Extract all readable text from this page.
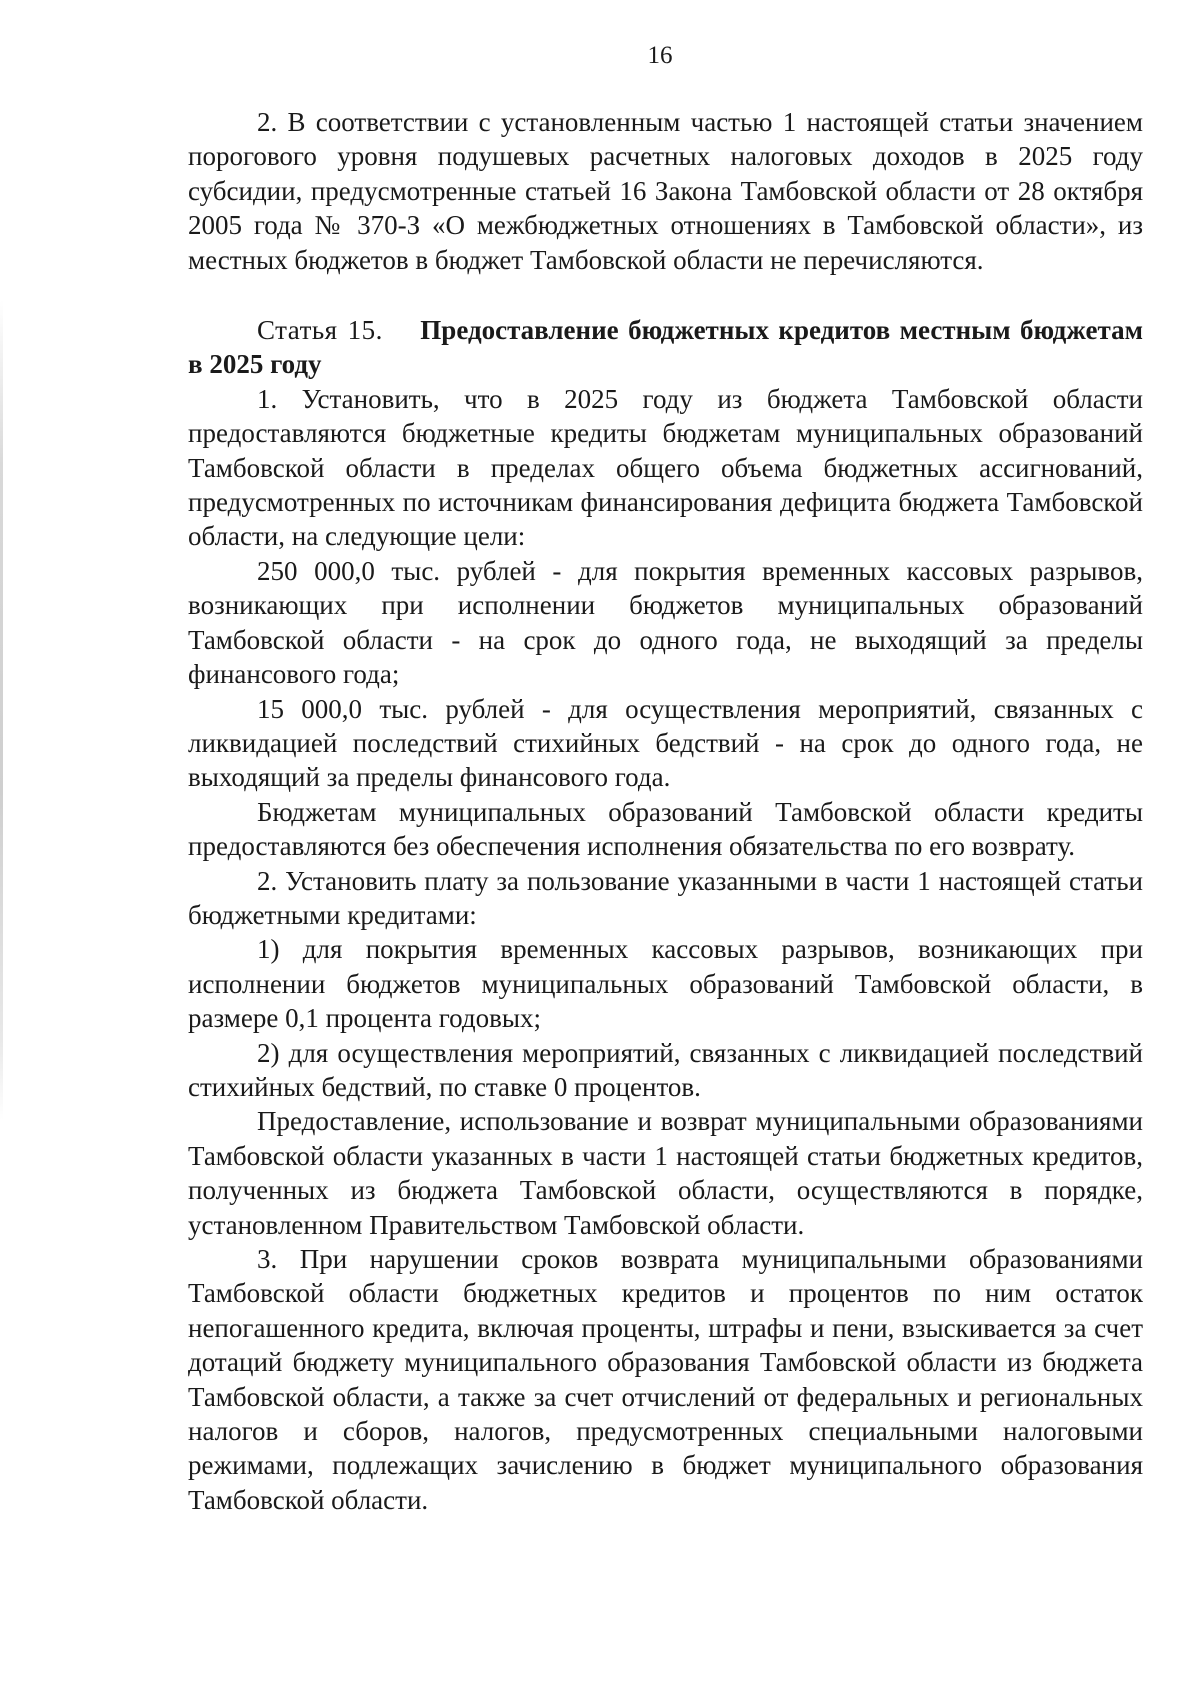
16

2. В соответствии с установленным частью 1 настоящей статьи значением порогового уровня подушевых расчетных налоговых доходов в 2025 году субсидии, предусмотренные статьей 16 Закона Тамбовской области от 28 октября 2005 года № 370-З «О межбюджетных отношениях в Тамбовской области», из местных бюджетов в бюджет Тамбовской области не перечисляются.

Статья 15. Предоставление бюджетных кредитов местным бюджетам в 2025 году

1. Установить, что в 2025 году из бюджета Тамбовской области предоставляются бюджетные кредиты бюджетам муниципальных образований Тамбовской области в пределах общего объема бюджетных ассигнований, предусмотренных по источникам финансирования дефицита бюджета Тамбовской области, на следующие цели:

250 000,0 тыс. рублей - для покрытия временных кассовых разрывов, возникающих при исполнении бюджетов муниципальных образований Тамбовской области - на срок до одного года, не выходящий за пределы финансового года;

15 000,0 тыс. рублей - для осуществления мероприятий, связанных с ликвидацией последствий стихийных бедствий - на срок до одного года, не выходящий за пределы финансового года.

Бюджетам муниципальных образований Тамбовской области кредиты предоставляются без обеспечения исполнения обязательства по его возврату.

2. Установить плату за пользование указанными в части 1 настоящей статьи бюджетными кредитами:

1) для покрытия временных кассовых разрывов, возникающих при исполнении бюджетов муниципальных образований Тамбовской области, в размере 0,1 процента годовых;

2) для осуществления мероприятий, связанных с ликвидацией последствий стихийных бедствий, по ставке 0 процентов.

Предоставление, использование и возврат муниципальными образованиями Тамбовской области указанных в части 1 настоящей статьи бюджетных кредитов, полученных из бюджета Тамбовской области, осуществляются в порядке, установленном Правительством Тамбовской области.

3. При нарушении сроков возврата муниципальными образованиями Тамбовской области бюджетных кредитов и процентов по ним остаток непогашенного кредита, включая проценты, штрафы и пени, взыскивается за счет дотаций бюджету муниципального образования Тамбовской области из бюджета Тамбовской области, а также за счет отчислений от федеральных и региональных налогов и сборов, налогов, предусмотренных специальными налоговыми режимами, подлежащих зачислению в бюджет муниципального образования Тамбовской области.
